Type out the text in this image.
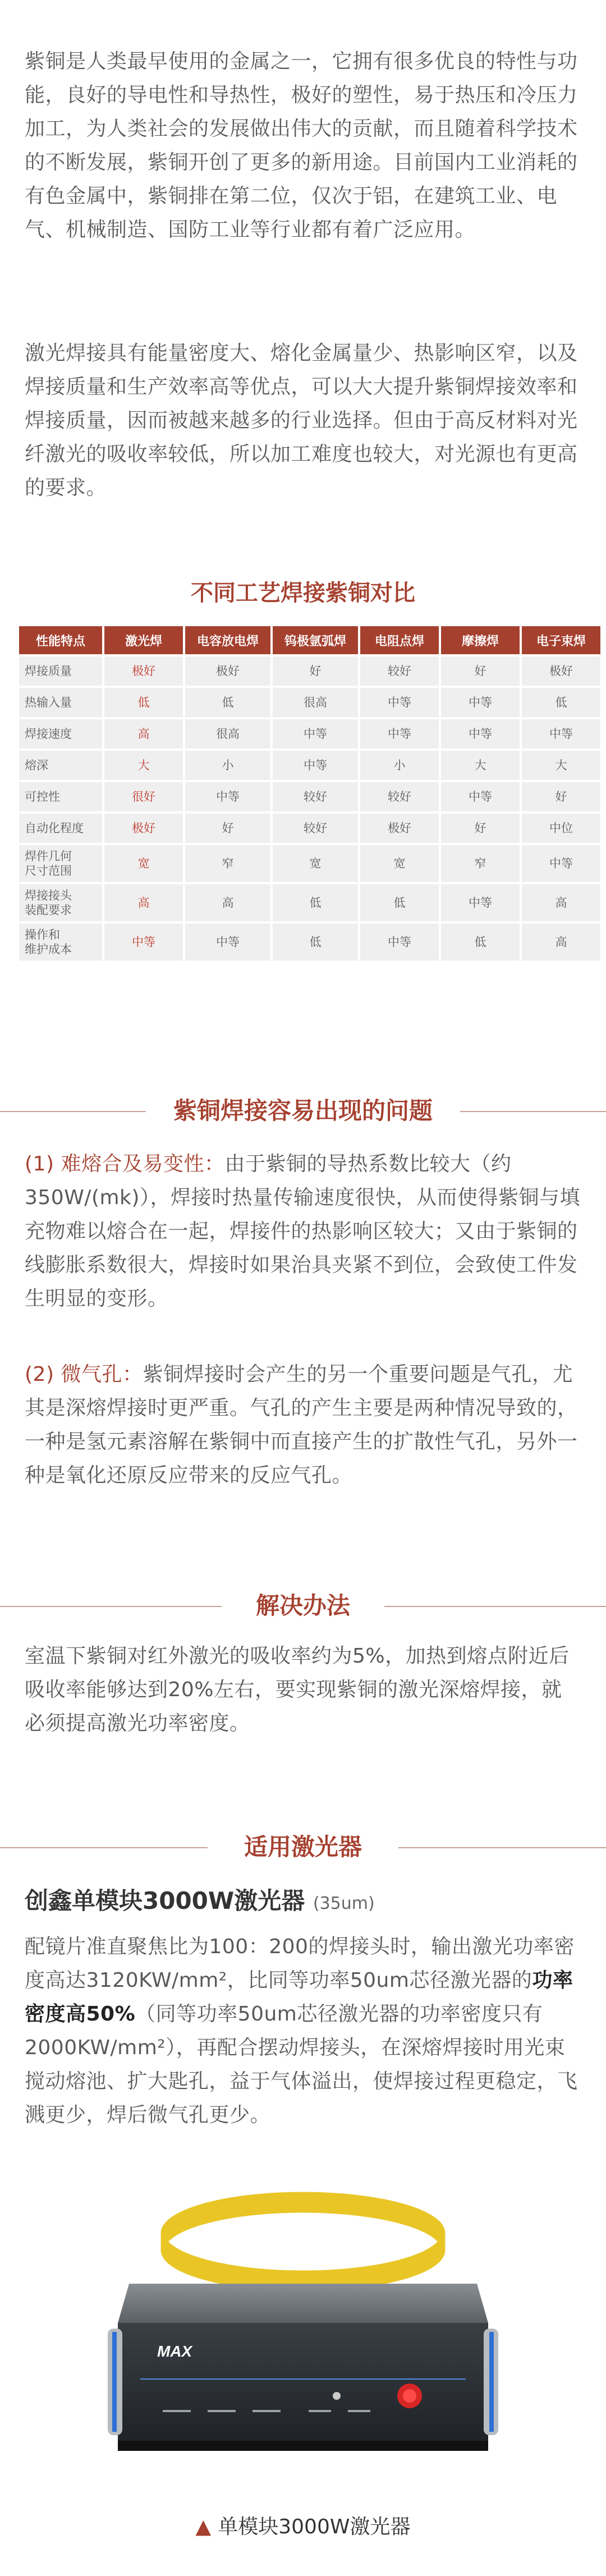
紫铜是人类最早使用的金属之一，它拥有很多优良的特性与功能，良好的导电性和导热性，极好的塑性，易于热压和冷压力加工，为人类社会的发展做出伟大的贡献，而且随着科学技术的不断发展，紫铜开创了更多的新用途。目前国内工业消耗的有色金属中，紫铜排在第二位，仅次于铝，在建筑工业、电气、机械制造、国防工业等行业都有着广泛应用。

激光焊接具有能量密度大、熔化金属量少、热影响区窄，以及焊接质量和生产效率高等优点，可以大大提升紫铜焊接效率和焊接质量，因而被越来越多的行业选择。但由于高反材料对光纤激光的吸收率较低，所以加工难度也较大，对光源也有更高的要求。

不同工艺焊接紫铜对比
性能特点	激光焊	电容放电焊	钨极氩弧焊	电阻点焊	摩擦焊	电子束焊
焊接质量	极好	极好	好	较好	好	极好
热输入量	低	低	很高	中等	中等	低
焊接速度	高	很高	中等	中等	中等	中等
熔深	大	小	中等	小	大	大
可控性	很好	中等	较好	较好	中等	好
自动化程度	极好	好	较好	极好	好	中位
焊件几何
尺寸范围	宽	窄	宽	宽	窄	中等
焊接接头
装配要求	高	高	低	低	中等	高
操作和
维护成本	中等	中等	低	中等	低	高
紫铜焊接容易出现的问题

(1) 难熔合及易变性：由于紫铜的导热系数比较大（约350W/(mk)），焊接时热量传输速度很快，从而使得紫铜与填充物难以熔合在一起，焊接件的热影响区较大；又由于紫铜的线膨胀系数很大，焊接时如果治具夹紧不到位，会致使工件发生明显的变形。

(2) 微气孔：紫铜焊接时会产生的另一个重要问题是气孔，尤其是深熔焊接时更严重。气孔的产生主要是两种情况导致的，一种是氢元素溶解在紫铜中而直接产生的扩散性气孔，另外一种是氧化还原反应带来的反应气孔。

解决办法

室温下紫铜对红外激光的吸收率约为5%，加热到熔点附近后吸收率能够达到20%左右，要实现紫铜的激光深熔焊接，就必须提高激光功率密度。

适用激光器
创鑫单模块3000W激光器 (35um)

配镜片准直聚焦比为100：200的焊接头时，输出激光功率密度高达3120KW/mm²，比同等功率50um芯径激光器的功率密度高50%（同等功率50um芯径激光器的功率密度只有2000KW/mm²），再配合摆动焊接头，在深熔焊接时用光束搅动熔池、扩大匙孔，益于气体溢出，使焊接过程更稳定，飞溅更少，焊后微气孔更少。

MAX
▲ 单模块3000W激光器
